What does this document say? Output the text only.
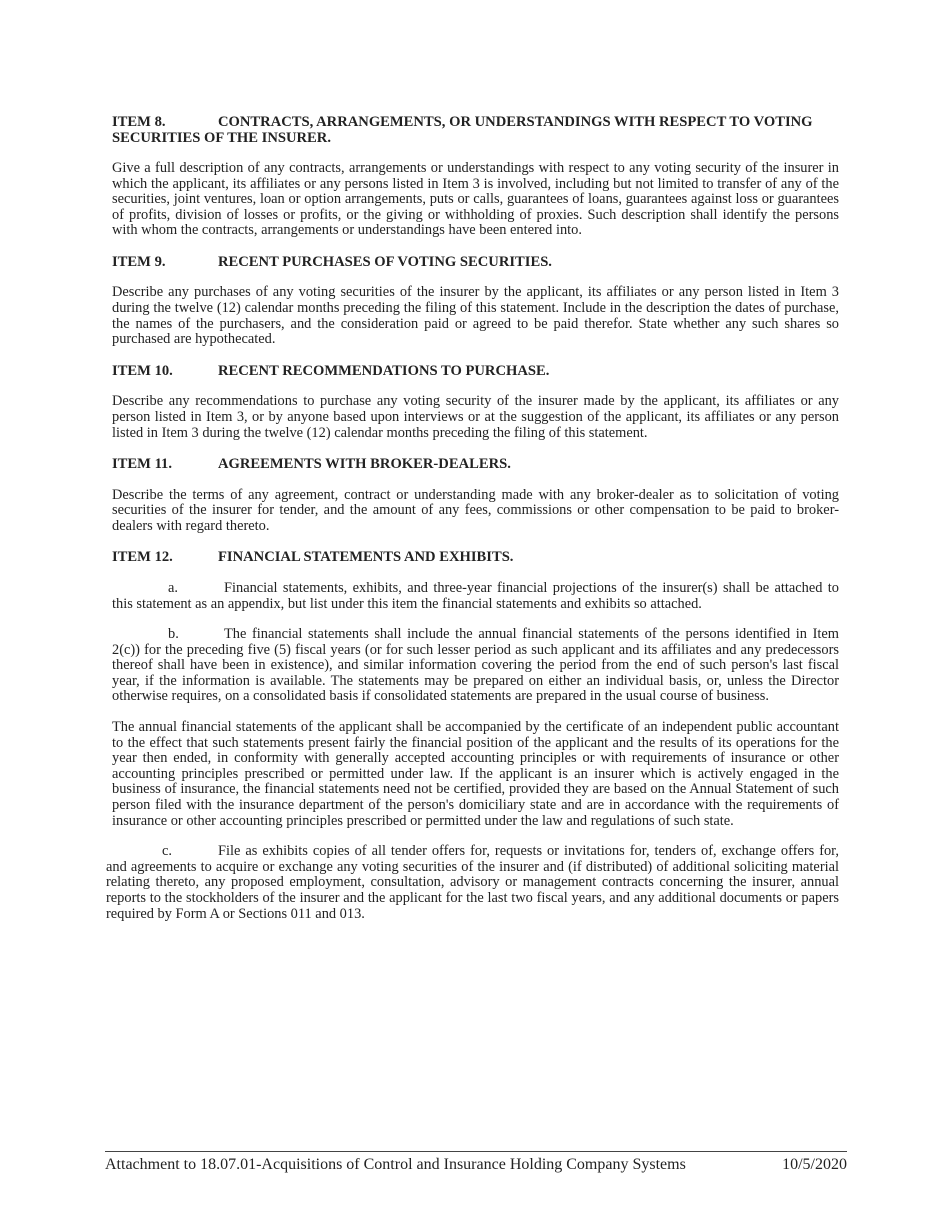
ITEM 8.	CONTRACTS, ARRANGEMENTS, OR UNDERSTANDINGS WITH RESPECT TO VOTING SECURITIES OF THE INSURER.

Give a full description of any contracts, arrangements or understandings with respect to any voting security of the insurer in which the applicant, its affiliates or any persons listed in Item 3 is involved, including but not limited to transfer of any of the securities, joint ventures, loan or option arrangements, puts or calls, guarantees of loans, guarantees against loss or guarantees of profits, division of losses or profits, or the giving or withholding of proxies. Such description shall identify the persons with whom the contracts, arrangements or understandings have been entered into.

ITEM 9.	RECENT PURCHASES OF VOTING SECURITIES.

Describe any purchases of any voting securities of the insurer by the applicant, its affiliates or any person listed in Item 3 during the twelve (12) calendar months preceding the filing of this statement. Include in the description the dates of purchase, the names of the purchasers, and the consideration paid or agreed to be paid therefor. State whether any such shares so purchased are hypothecated.

ITEM 10.	RECENT RECOMMENDATIONS TO PURCHASE.

Describe any recommendations to purchase any voting security of the insurer made by the applicant, its affiliates or any person listed in Item 3, or by anyone based upon interviews or at the suggestion of the applicant, its affiliates or any person listed in Item 3 during the twelve (12) calendar months preceding the filing of this statement.

ITEM 11.	AGREEMENTS WITH BROKER-DEALERS.

Describe the terms of any agreement, contract or understanding made with any broker-dealer as to solicitation of voting securities of the insurer for tender, and the amount of any fees, commissions or other compensation to be paid to broker-dealers with regard thereto.

ITEM 12.	FINANCIAL STATEMENTS AND EXHIBITS.

a.	Financial statements, exhibits, and three-year financial projections of the insurer(s) shall be attached to this statement as an appendix, but list under this item the financial statements and exhibits so attached.

b.	The financial statements shall include the annual financial statements of the persons identified in Item 2(c)) for the preceding five (5) fiscal years (or for such lesser period as such applicant and its affiliates and any predecessors thereof shall have been in existence), and similar information covering the period from the end of such person's last fiscal year, if the information is available. The statements may be prepared on either an individual basis, or, unless the Director otherwise requires, on a consolidated basis if consolidated statements are prepared in the usual course of business.

The annual financial statements of the applicant shall be accompanied by the certificate of an independent public accountant to the effect that such statements present fairly the financial position of the applicant and the results of its operations for the year then ended, in conformity with generally accepted accounting principles or with requirements of insurance or other accounting principles prescribed or permitted under law. If the applicant is an insurer which is actively engaged in the business of insurance, the financial statements need not be certified, provided they are based on the Annual Statement of such person filed with the insurance department of the person's domiciliary state and are in accordance with the requirements of insurance or other accounting principles prescribed or permitted under the law and regulations of such state.

c.	File as exhibits copies of all tender offers for, requests or invitations for, tenders of, exchange offers for, and agreements to acquire or exchange any voting securities of the insurer and (if distributed) of additional soliciting material relating thereto, any proposed employment, consultation, advisory or management contracts concerning the insurer, annual reports to the stockholders of the insurer and the applicant for the last two fiscal years, and any additional documents or papers required by Form A or Sections 011 and 013.

Attachment to 18.07.01-Acquisitions of Control and Insurance Holding Company Systems	10/5/2020
